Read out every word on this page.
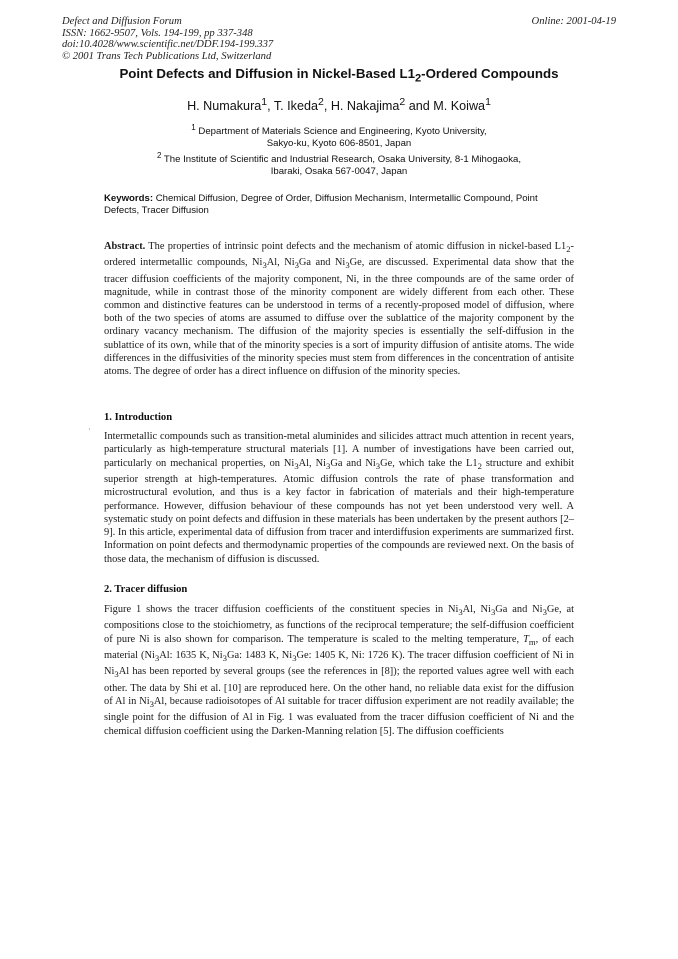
Defect and Diffusion Forum
ISSN: 1662-9507, Vols. 194-199, pp 337-348
doi:10.4028/www.scientific.net/DDF.194-199.337
© 2001 Trans Tech Publications Ltd, Switzerland
Online: 2001-04-19
Point Defects and Diffusion in Nickel-Based $L1_2$-Ordered Compounds
H. Numakura$^1$, T. Ikeda$^2$, H. Nakajima$^2$ and M. Koiwa$^1$
$^1$ Department of Materials Science and Engineering, Kyoto University,
Sakyo-ku, Kyoto 606-8501, Japan
$^2$ The Institute of Scientific and Industrial Research, Osaka University, 8-1 Mihogaoka,
Ibaraki, Osaka 567-0047, Japan
Keywords: Chemical Diffusion, Degree of Order, Diffusion Mechanism, Intermetallic Compound, Point Defects, Tracer Diffusion
Abstract. The properties of intrinsic point defects and the mechanism of atomic diffusion in nickel-based $L1_2$-ordered intermetallic compounds, $Ni_3Al$, $Ni_3Ga$ and $Ni_3Ge$, are discussed. Experimental data show that the tracer diffusion coefficients of the majority component, Ni, in the three compounds are of the same order of magnitude, while in contrast those of the minority component are widely different from each other. These common and distinctive features can be understood in terms of a recently-proposed model of diffusion, where both of the two species of atoms are assumed to diffuse over the sublattice of the majority component by the ordinary vacancy mechanism. The diffusion of the majority species is essentially the self-diffusion in the sublattice of its own, while that of the minority species is a sort of impurity diffusion of antisite atoms. The wide differences in the diffusivities of the minority species must stem from differences in the concentration of antisite atoms. The degree of order has a direct influence on diffusion of the minority species.
1. Introduction
·
Intermetallic compounds such as transition-metal aluminides and silicides attract much attention in recent years, particularly as high-temperature structural materials [1]. A number of investigations have been carried out, particularly on mechanical properties, on $Ni_3Al$, $Ni_3Ga$ and $Ni_3Ge$, which take the $L1_2$ structure and exhibit superior strength at high-temperatures. Atomic diffusion controls the rate of phase transformation and microstructural evolution, and thus is a key factor in fabrication of materials and their high-temperature performance. However, diffusion behaviour of these compounds has not yet been understood very well. A systematic study on point defects and diffusion in these materials has been undertaken by the present authors [2–9]. In this article, experimental data of diffusion from tracer and interdiffusion experiments are summarized first. Information on point defects and thermodynamic properties of the compounds are reviewed next. On the basis of those data, the mechanism of diffusion is discussed.
2. Tracer diffusion
Figure 1 shows the tracer diffusion coefficients of the constituent species in $Ni_3Al$, $Ni_3Ga$ and $Ni_3Ge$, at compositions close to the stoichiometry, as functions of the reciprocal temperature; the self-diffusion coefficient of pure Ni is also shown for comparison. The temperature is scaled to the melting temperature, $T_m$, of each material ($Ni_3Al$: 1635 K, $Ni_3Ga$: 1483 K, $Ni_3Ge$: 1405 K, Ni: 1726 K). The tracer diffusion coefficient of Ni in $Ni_3Al$ has been reported by several groups (see the references in [8]); the reported values agree well with each other. The data by Shi et al. [10] are reproduced here. On the other hand, no reliable data exist for the diffusion of Al in $Ni_3Al$, because radioisotopes of Al suitable for tracer diffusion experiment are not readily available; the single point for the diffusion of Al in Fig. 1 was evaluated from the tracer diffusion coefficient of Ni and the chemical diffusion coefficient using the Darken-Manning relation [5]. The diffusion coefficients
